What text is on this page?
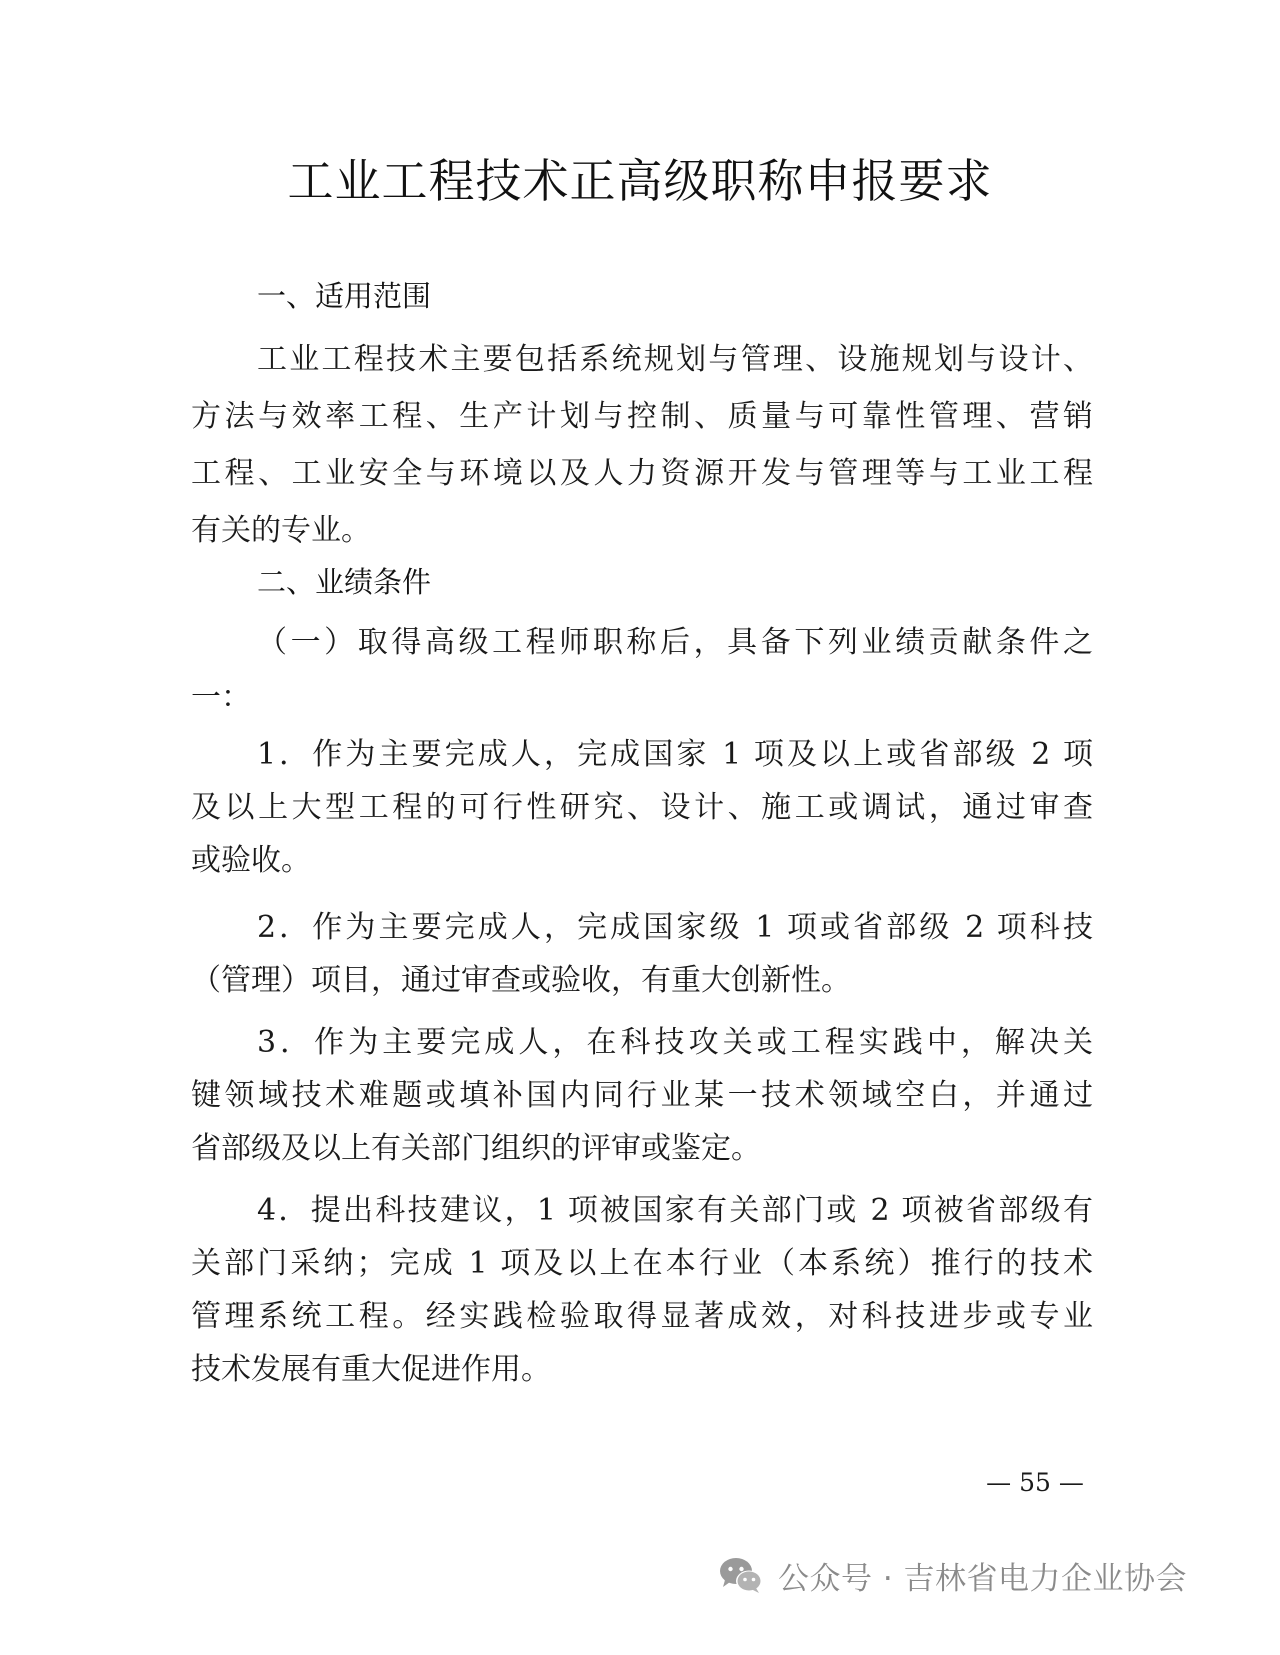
工业工程技术正高级职称申报要求
一、适用范围
工业工程技术主要包括系统规划与管理、设施规划与设计、
方法与效率工程、生产计划与控制、质量与可靠性管理、营销
工程、工业安全与环境以及人力资源开发与管理等与工业工程
有关的专业。
二、业绩条件
（一）取得高级工程师职称后，具备下列业绩贡献条件之
一：
1．作为主要完成人，完成国家 1 项及以上或省部级 2 项
及以上大型工程的可行性研究、设计、施工或调试，通过审查
或验收。
2．作为主要完成人，完成国家级 1 项或省部级 2 项科技
（管理）项目，通过审查或验收，有重大创新性。
3．作为主要完成人，在科技攻关或工程实践中，解决关
键领域技术难题或填补国内同行业某一技术领域空白，并通过
省部级及以上有关部门组织的评审或鉴定。
4．提出科技建议，1 项被国家有关部门或 2 项被省部级有
关部门采纳；完成 1 项及以上在本行业（本系统）推行的技术
管理系统工程。经实践检验取得显著成效，对科技进步或专业
技术发展有重大促进作用。
— 55 —
公众号 · 吉林省电力企业协会
